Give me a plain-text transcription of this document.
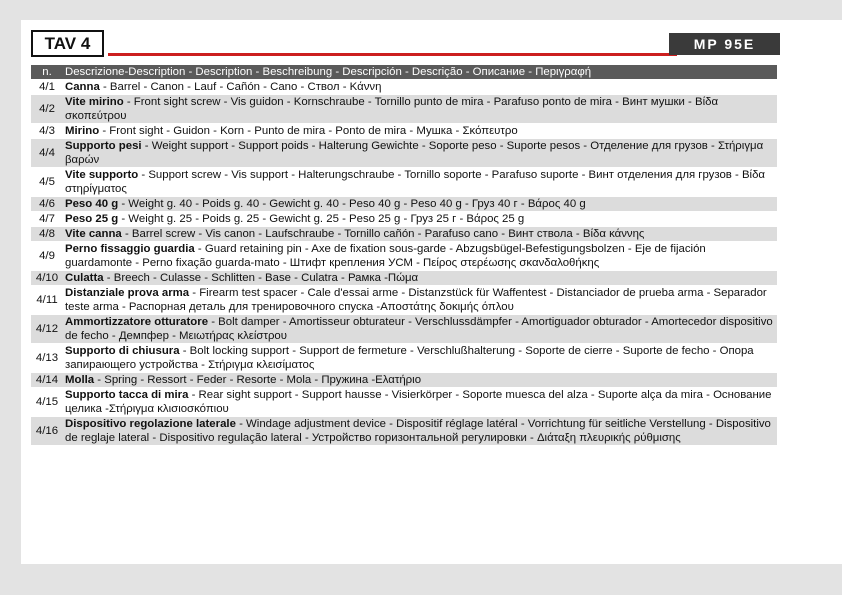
TAV 4	MP 95E
n.	Descrizione-Description - Description - Beschreibung - Descripción - Descrição - Описание - Перιγραφή
4/1	Canna - Barrel - Canon - Lauf - Cañón - Cano - Ствол - Κάννη
4/2	Vite mirino - Front sight screw - Vis guidon - Kornschraube - Tornillo punto de mira - Parafuso ponto de mira - Винт мушки - Βίδα σκοπεύτρου
4/3	Mirino - Front sight - Guidon - Korn - Punto de mira - Ponto de mira - Мушка - Σκόπευτρο
4/4	Supporto pesi - Weight support - Support poids - Halterung Gewichte - Soporte peso - Suporte pesos - Отделение для грузов - Στήριγμα βαρών
4/5	Vite supporto - Support screw - Vis support - Halterungschraube - Tornillo soporte - Parafuso suporte - Винт отделения для грузов - Βίδα στηρίγματος
4/6	Peso 40 g - Weight g. 40 - Poids g. 40 - Gewicht g. 40 - Peso 40 g - Peso 40 g - Груз 40 г - Βάρος 40 g
4/7	Peso 25 g - Weight g. 25 - Poids g. 25 - Gewicht g. 25 - Peso 25 g - Груз 25 г - Βάρος 25 g
4/8	Vite canna - Barrel screw - Vis canon - Laufschraube - Tornillo cañón - Parafuso cano - Винт ствола - Βίδα κάννης
4/9	Perno fissaggio guardia - Guard retaining pin - Axe de fixation sous-garde - Abzugsbügel-Befestigungsbolzen - Eje de fijación guardamonte - Perno fixação guarda-mato - Штифт крепления УСМ - Πείρος στερέωσης σκανδαλοθήκης
4/10	Culatta - Breech - Culasse - Schlitten - Base - Culatra - Рамка -Πώμα
4/11	Distanziale prova arma - Firearm test spacer - Cale d'essai arme - Distanzstück für Waffentest - Distanciador de prueba arma - Separador teste arma - Распорная деталь для тренировочного спуска -Αποστάτης δοκιμής όπλου
4/12	Ammortizzatore otturatore - Bolt damper - Amortisseur obturateur - Verschlussdämpfer - Amortiguador obturador - Amortecedor dispositivo de fecho - Демпфер - Μειωτήρας κλείστρου
4/13	Supporto di chiusura - Bolt locking support - Support de fermeture - Verschlußhalterung - Soporte de cierre - Suporte de fecho - Опора запирающего устройства - Στήριγμα κλεισίματος
4/14	Molla - Spring - Ressort - Feder - Resorte - Mola - Пружина -Ελατήριο
4/15	Supporto tacca di mira - Rear sight support - Support hausse - Visierkörper - Soporte muesca del alza - Suporte alça da mira - Основание целика -Στήριγμα κλισιοσκόπιου
4/16	Dispositivo regolazione laterale - Windage adjustment device - Dispositif réglage latéral - Vorrichtung für seitliche Verstellung - Dispositivo de reglaje lateral - Dispositivo regulação lateral - Устройство горизонтальной регулировки - Διάταξη πλευρικής ρύθμισης
